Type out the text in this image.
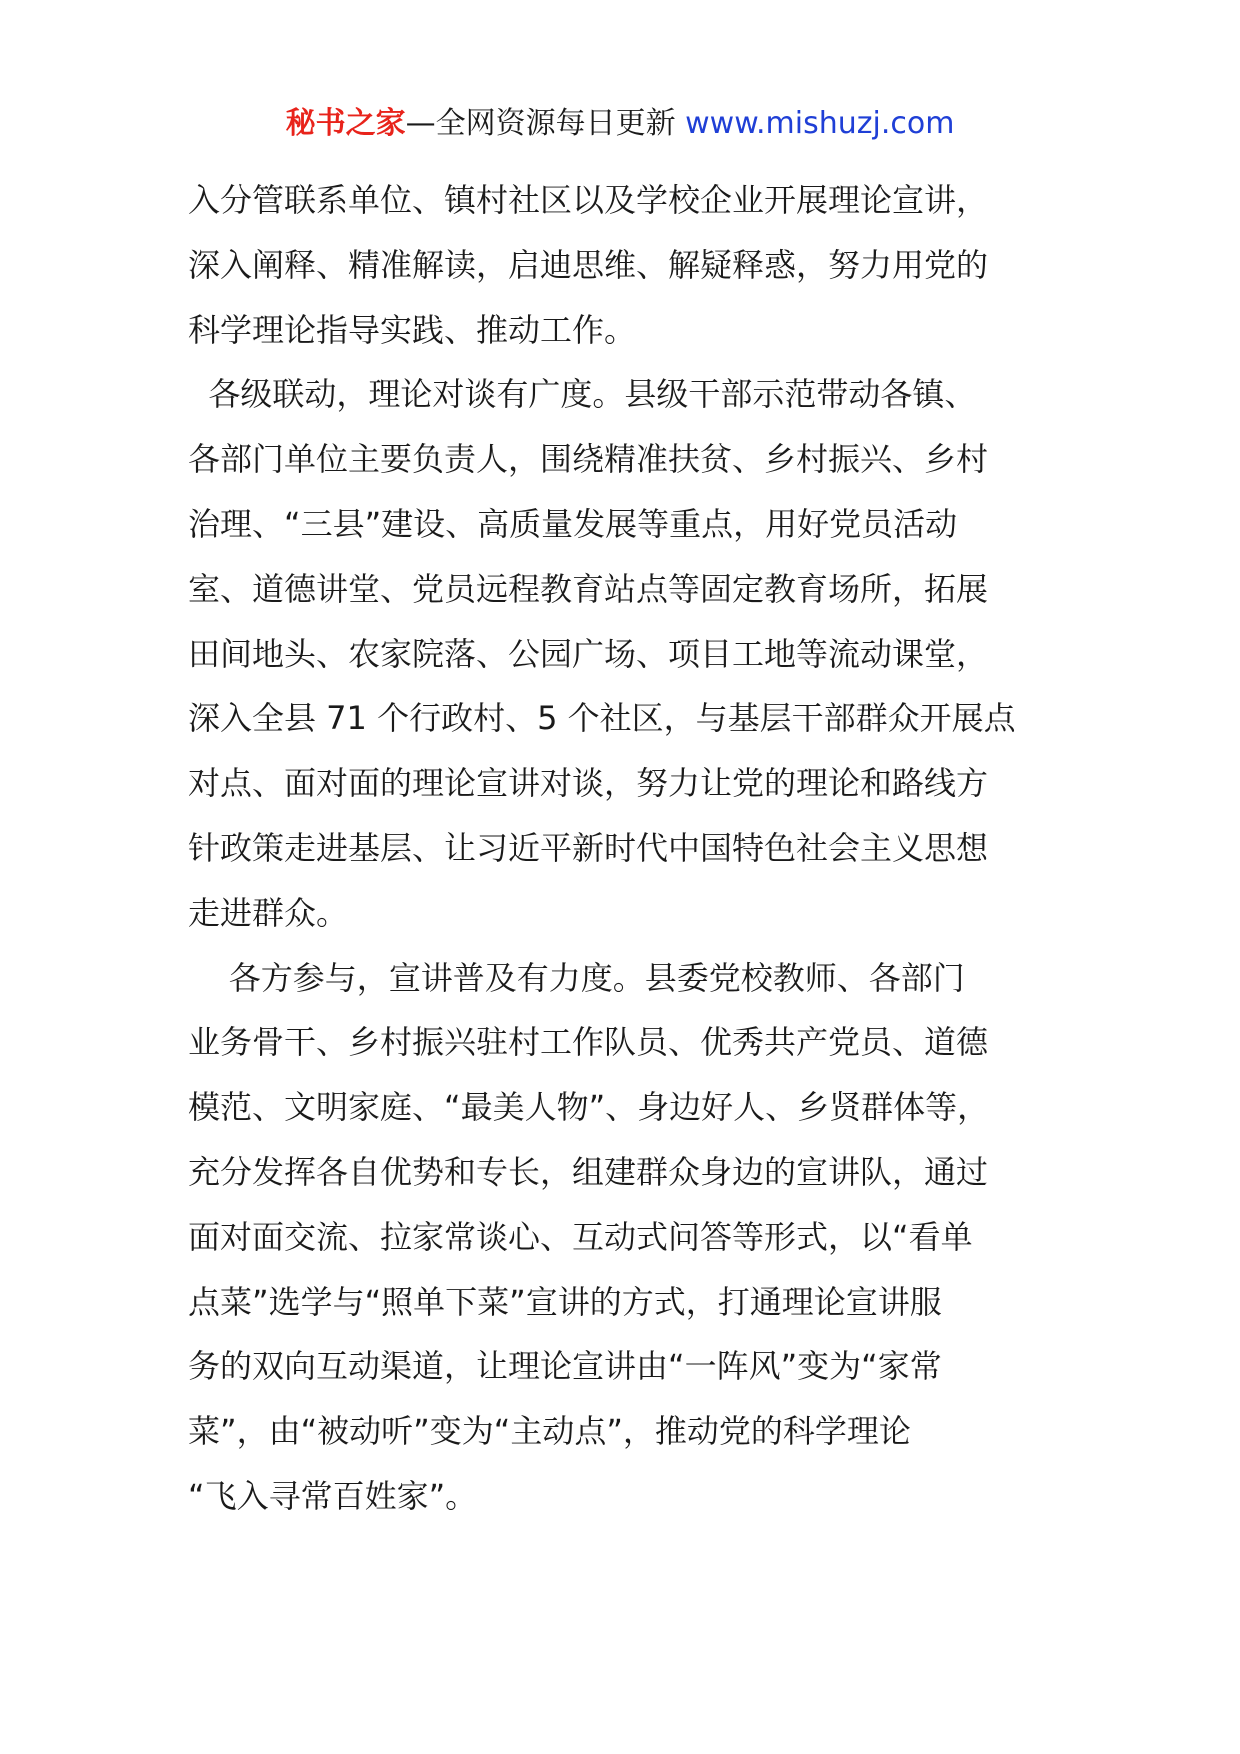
秘书之家—全网资源每日更新 www.mishuzj.com
入分管联系单位、镇村社区以及学校企业开展理论宣讲，
深入阐释、精准解读，启迪思维、解疑释惑，努力用党的
科学理论指导实践、推动工作。
各级联动，理论对谈有广度。县级干部示范带动各镇、
各部门单位主要负责人，围绕精准扶贫、乡村振兴、乡村
治理、“三县”建设、高质量发展等重点，用好党员活动
室、道德讲堂、党员远程教育站点等固定教育场所，拓展
田间地头、农家院落、公园广场、项目工地等流动课堂，
深入全县 71 个行政村、5 个社区，与基层干部群众开展点
对点、面对面的理论宣讲对谈，努力让党的理论和路线方
针政策走进基层、让习近平新时代中国特色社会主义思想
走进群众。
各方参与，宣讲普及有力度。县委党校教师、各部门
业务骨干、乡村振兴驻村工作队员、优秀共产党员、道德
模范、文明家庭、“最美人物”、身边好人、乡贤群体等，
充分发挥各自优势和专长，组建群众身边的宣讲队，通过
面对面交流、拉家常谈心、互动式问答等形式，以“看单
点菜”选学与“照单下菜”宣讲的方式，打通理论宣讲服
务的双向互动渠道，让理论宣讲由“一阵风”变为“家常
菜”，由“被动听”变为“主动点”，推动党的科学理论
“飞入寻常百姓家”。
